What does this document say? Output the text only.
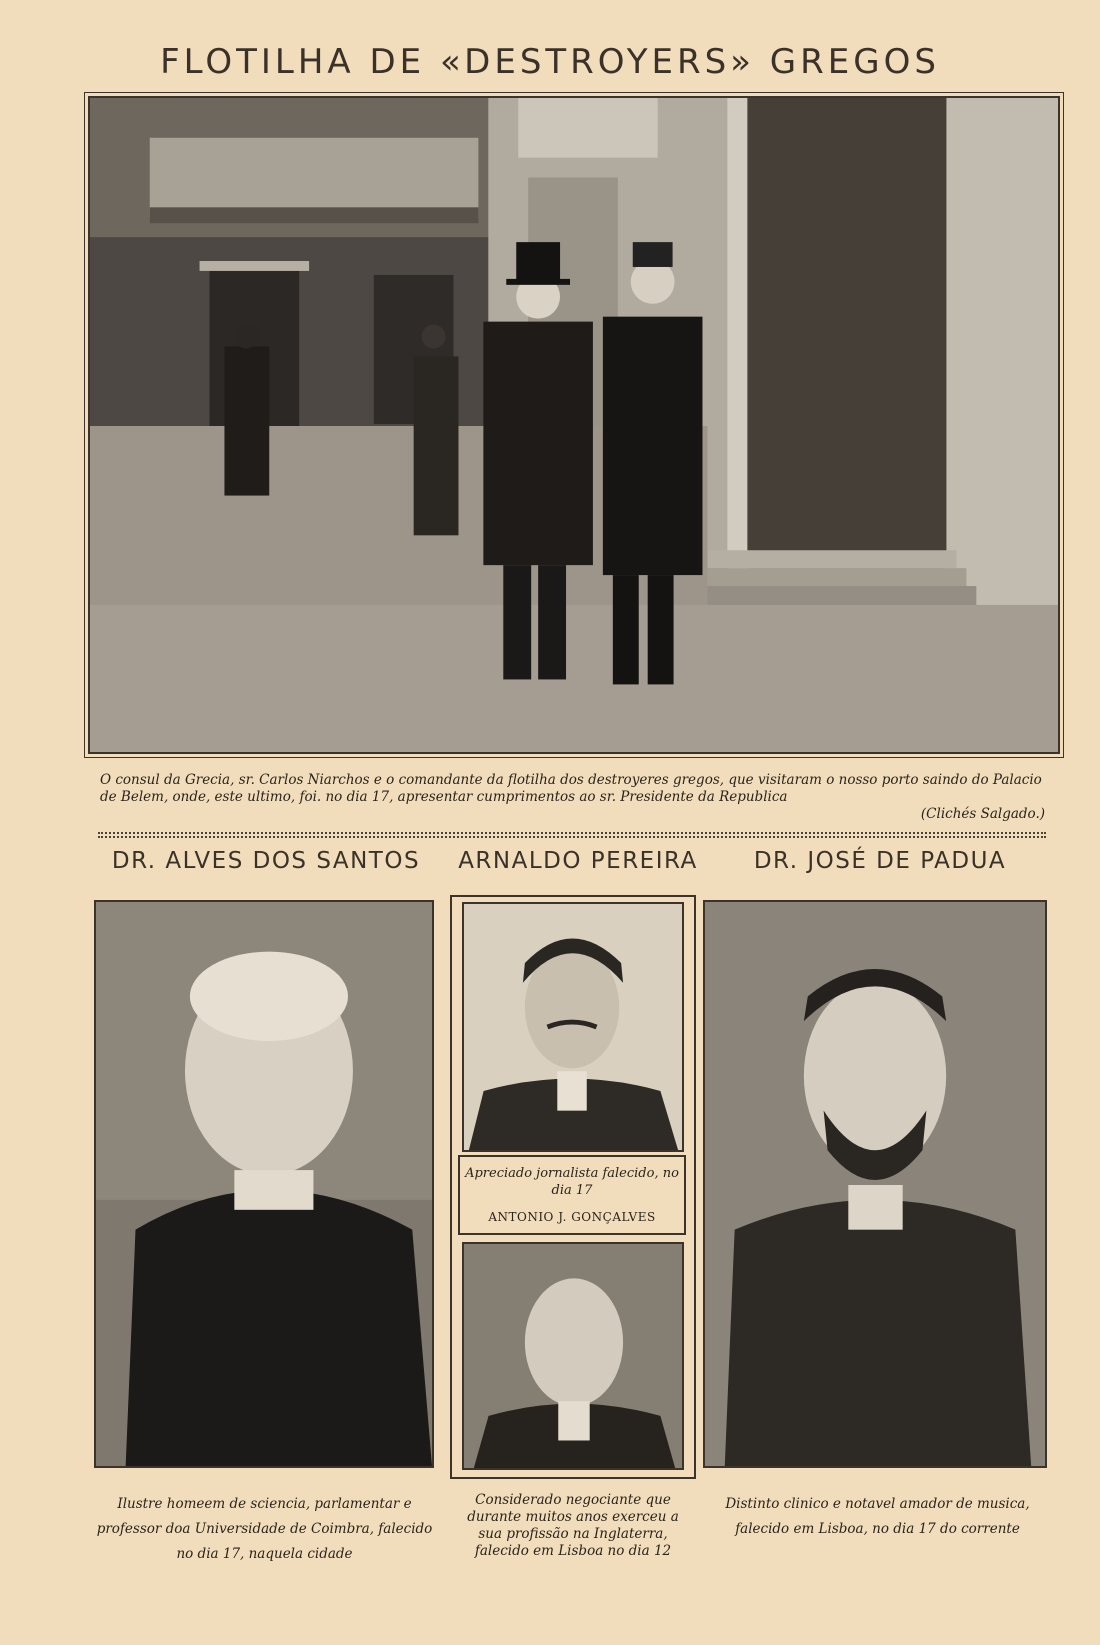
FLOTILHA DE «DESTROYERS» GREGOS
O consul da Grecia, sr. Carlos Niarchos e o comandante da flotilha dos destroyeres gregos, que visitaram o nosso porto saindo do Palacio de Belem, onde, este ultimo, foi. no dia 17, apresentar cumprimentos ao sr. Presidente da Republica
(Clichés Salgado.)
DR. ALVES DOS SANTOS	ARNALDO PEREIRA	DR. JOSÉ DE PADUA
Apreciado jornalista falecido, no dia 17
ANTONIO J. GONÇALVES
Ilustre homeem de sciencia, parlamentar e professor doa Universidade de Coimbra, falecido no dia 17, naquela cidade
Considerado negociante que durante muitos anos exerceu a sua profissão na Inglaterra, falecido em Lisboa no dia 12
Distinto clinico e notavel amador de musica, falecido em Lisboa, no dia 17 do corrente
